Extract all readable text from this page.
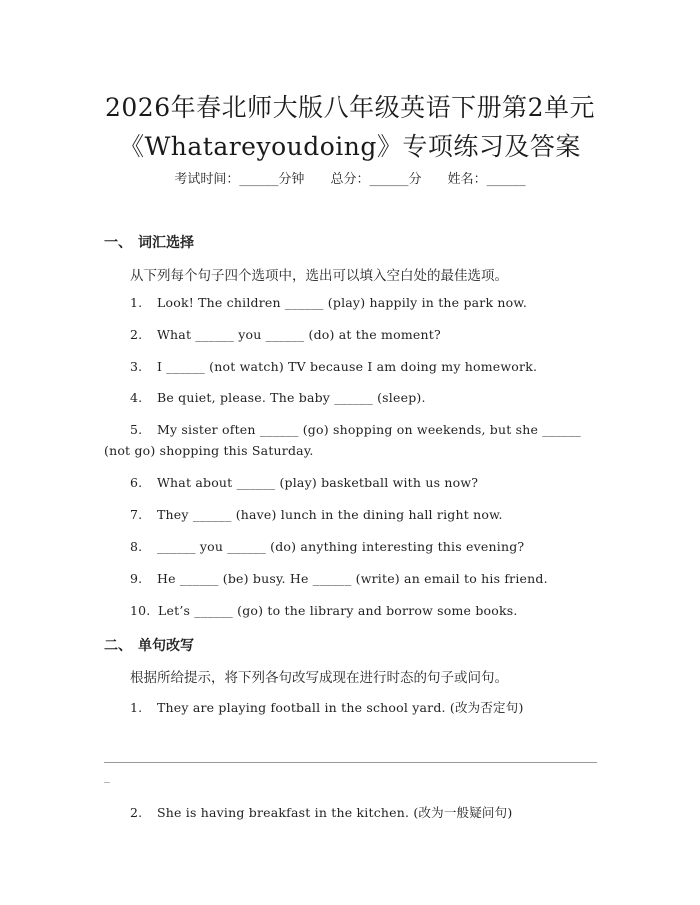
2026年春北师大版八年级英语下册第2单元
《Whatareyoudoing》专项练习及答案
考试时间：______分钟 总分：______分 姓名：______
一、 词汇选择
从下列每个句子四个选项中，选出可以填入空白处的最佳选项。
1. Look! The children ______ (play) happily in the park now.
2. What ______ you ______ (do) at the moment?
3. I ______ (not watch) TV because I am doing my homework.
4. Be quiet, please. The baby ______ (sleep).
5. My sister often ______ (go) shopping on weekends, but she ______
(not go) shopping this Saturday.
6. What about ______ (play) basketball with us now?
7. They ______ (have) lunch in the dining hall right now.
8. ______ you ______ (do) anything interesting this evening?
9. He ______ (be) busy. He ______ (write) an email to his friend.
10. Let’s ______ (go) to the library and borrow some books.
二、 单句改写
根据所给提示，将下列各句改写成现在进行时态的句子或问句。
1. They are playing football in the school yard. (改为否定句)
_
2. She is having breakfast in the kitchen. (改为一般疑问句)
